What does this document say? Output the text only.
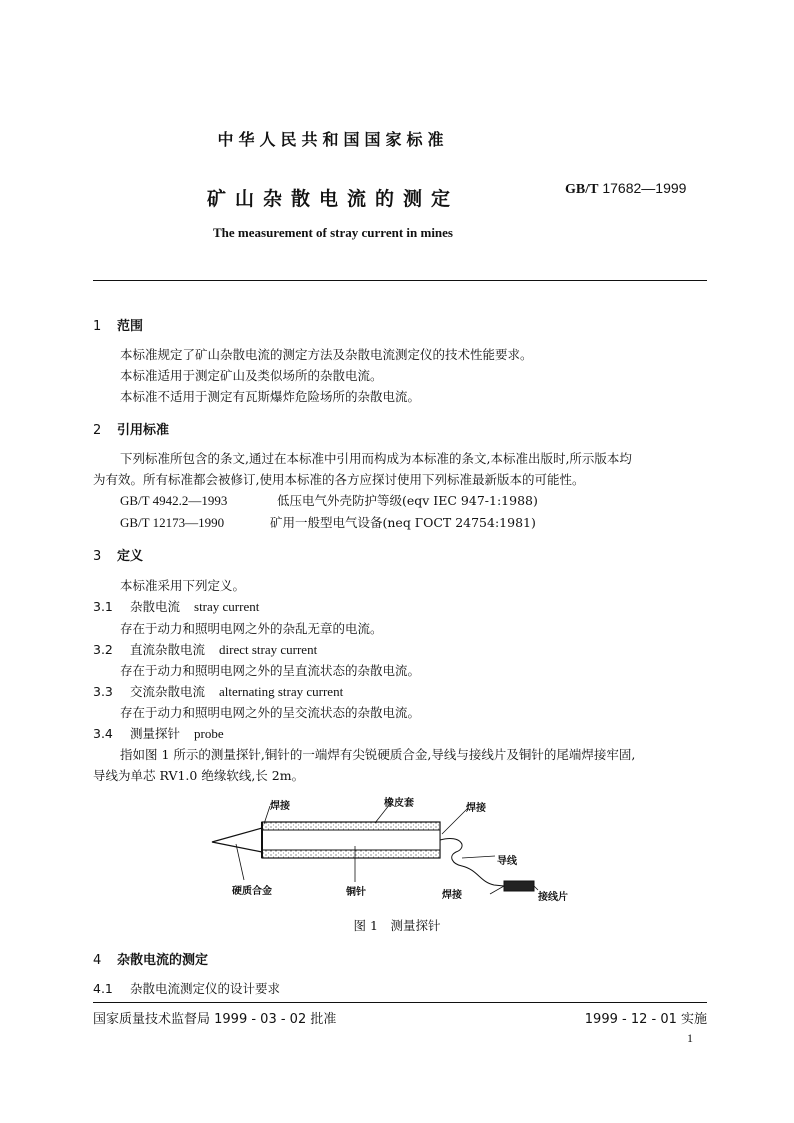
中华人民共和国国家标准
矿山杂散电流的测定	GB/T 17682—1999
The measurement of stray current in mines
1 范围
本标准规定了矿山杂散电流的测定方法及杂散电流测定仪的技术性能要求。
本标准适用于测定矿山及类似场所的杂散电流。
本标准不适用于测定有瓦斯爆炸危险场所的杂散电流。
2 引用标准
下列标准所包含的条文,通过在本标准中引用而构成为本标准的条文,本标准出版时,所示版本均
为有效。所有标准都会被修订,使用本标准的各方应探讨使用下列标准最新版本的可能性。
GB/T 4942.2—1993	低压电气外壳防护等级(eqv IEC 947-1:1988)
GB/T 12173—1990	矿用一般型电气设备(neq ГОСТ 24754:1981)
3 定义
本标准采用下列定义。
3.1 杂散电流 stray current
存在于动力和照明电网之外的杂乱无章的电流。
3.2 直流杂散电流 direct stray current
存在于动力和照明电网之外的呈直流状态的杂散电流。
3.3 交流杂散电流 alternating stray current
存在于动力和照明电网之外的呈交流状态的杂散电流。
3.4 测量探针 probe
指如图 1 所示的测量探针,铜针的一端焊有尖锐硬质合金,导线与接线片及铜针的尾端焊接牢固,
导线为单芯 RV1.0 绝缘软线,长 2m。
焊接	橡皮套	焊接
导线
硬质合金	铜针	焊接	接线片
图 1　测量探针
4 杂散电流的测定
4.1 杂散电流测定仪的设计要求
国家质量技术监督局 1999 - 03 - 02 批准	1999 - 12 - 01 实施
1
